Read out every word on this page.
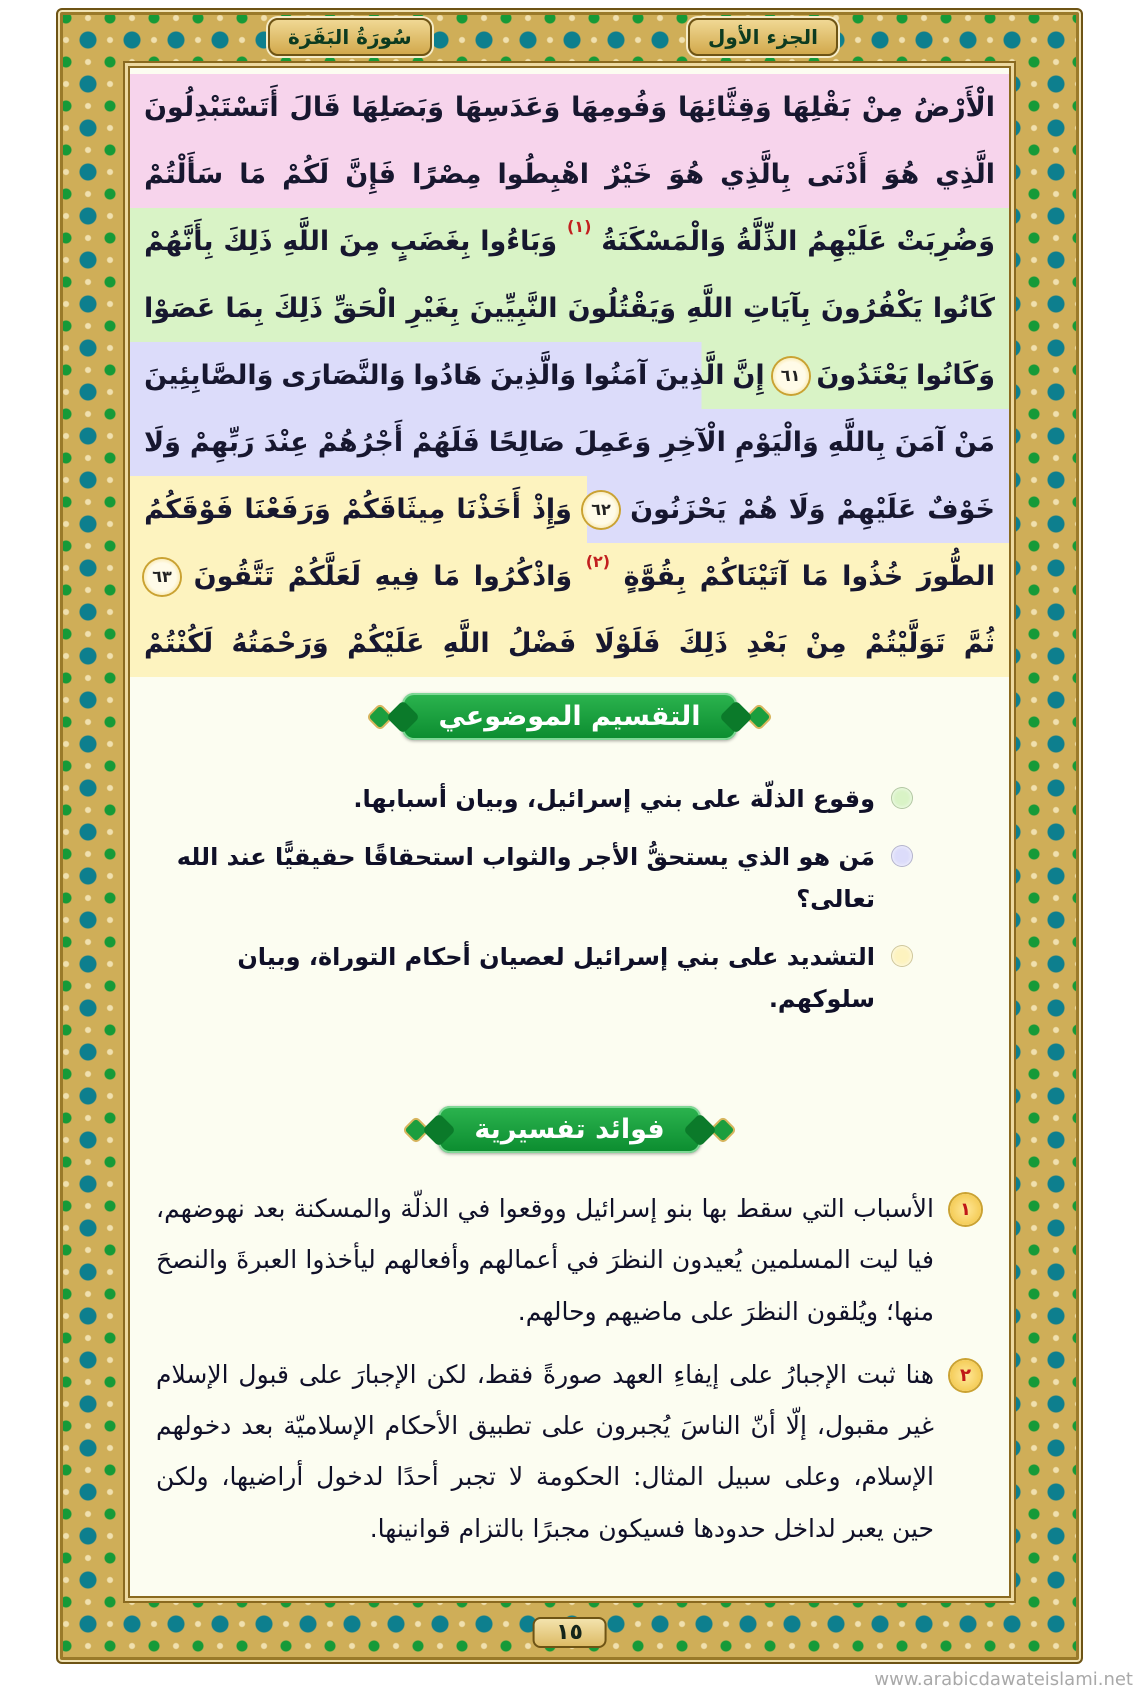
سُورَةُ البَقَرَة	الجزء الأول
الْأَرْضُ
مِنْ
بَقْلِهَا
وَقِثَّائِهَا
وَفُومِهَا
وَعَدَسِهَا
وَبَصَلِهَا
قَالَ
أَتَسْتَبْدِلُونَ
الَّذِي
هُوَ
أَدْنَى
بِالَّذِي
هُوَ
خَيْرٌ
اهْبِطُوا
مِصْرًا
فَإِنَّ
لَكُمْ
مَا
سَأَلْتُمْ
وَضُرِبَتْ
عَلَيْهِمُ
الذِّلَّةُ
وَالْمَسْكَنَةُ
(١)
وَبَاءُوا
بِغَضَبٍ
مِنَ
اللَّهِ
ذَلِكَ
بِأَنَّهُمْ
كَانُوا
يَكْفُرُونَ
بِآيَاتِ
اللَّهِ
وَيَقْتُلُونَ
النَّبِيِّينَ
بِغَيْرِ
الْحَقِّ
ذَلِكَ
بِمَا
عَصَوْا
وَكَانُوا
يَعْتَدُونَ
٦١
إِنَّ
الَّذِينَ
آمَنُوا
وَالَّذِينَ
هَادُوا
وَالنَّصَارَى
وَالصَّابِئِينَ
مَنْ
آمَنَ
بِاللَّهِ
وَالْيَوْمِ
الْآخِرِ
وَعَمِلَ
صَالِحًا
فَلَهُمْ
أَجْرُهُمْ
عِنْدَ
رَبِّهِمْ
وَلَا
خَوْفٌ
عَلَيْهِمْ
وَلَا
هُمْ
يَحْزَنُونَ
٦٢
وَإِذْ
أَخَذْنَا
مِيثَاقَكُمْ
وَرَفَعْنَا
فَوْقَكُمُ
الطُّورَ
خُذُوا
مَا
آتَيْنَاكُمْ
بِقُوَّةٍ
(٢)
وَاذْكُرُوا
مَا
فِيهِ
لَعَلَّكُمْ
تَتَّقُونَ
٦٣
ثُمَّ
تَوَلَّيْتُمْ
مِنْ
بَعْدِ
ذَلِكَ
فَلَوْلَا
فَضْلُ
اللَّهِ
عَلَيْكُمْ
وَرَحْمَتُهُ
لَكُنْتُمْ
التقسيم الموضوعي
وقوع الذلّة على بني إسرائيل، وبيان أسبابها.
مَن هو الذي يستحقُّ الأجر والثواب استحقاقًا حقيقيًّا عند الله تعالى؟
التشديد على بني إسرائيل لعصيان أحكام التوراة، وبيان سلوكهم.
فوائد تفسيرية
١
الأسباب التي سقط بها بنو إسرائيل ووقعوا في الذلّة والمسكنة بعد نهوضهم، فيا ليت المسلمين يُعيدون النظرَ في أعمالهم وأفعالهم ليأخذوا العبرةَ والنصحَ منها؛ ويُلقون النظرَ على ماضيهم وحالهم.
٢
هنا ثبت الإجبارُ على إيفاءِ العهد صورةً فقط، لكن الإجبارَ على قبول الإسلام غير مقبول، إلّا أنّ الناسَ يُجبرون على تطبيق الأحكام الإسلاميّة بعد دخولهم الإسلام، وعلى سبيل المثال: الحكومة لا تجبر أحدًا لدخول أراضيها، ولكن حين يعبر لداخل حدودها فسيكون مجبرًا بالتزام قوانينها.
١٥
www.arabicdawateislami.net
